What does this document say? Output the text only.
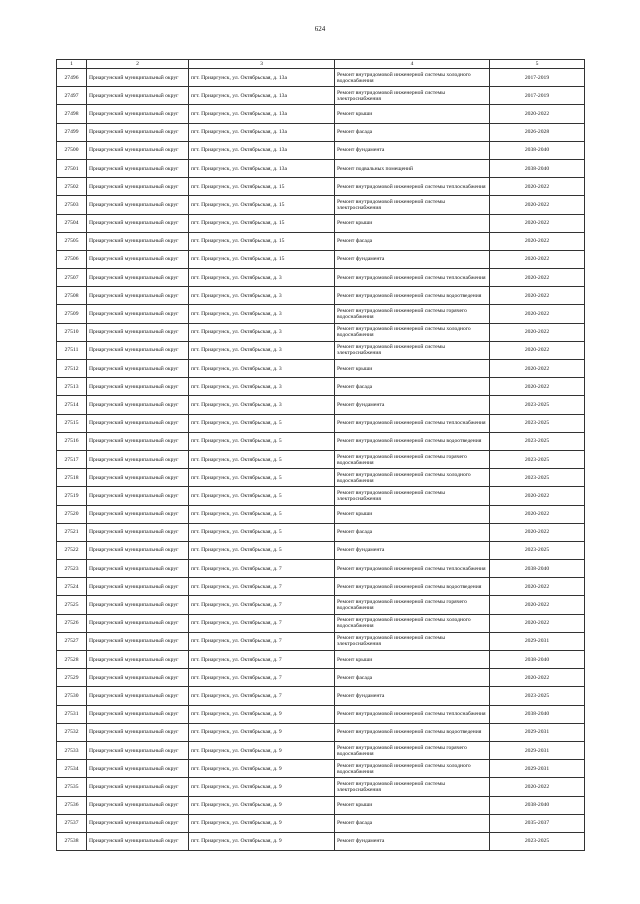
624
1	2	3	4	5
27496	Приаргунский муниципальный округ	пгт. Приаргунск, ул. Октябрьская, д. 13а	Ремонт внутридомовой инженерной системы холодного водоснабжения	2017-2019
27497	Приаргунский муниципальный округ	пгт. Приаргунск, ул. Октябрьская, д. 13а	Ремонт внутридомовой инженерной системы электроснабжения	2017-2019
27498	Приаргунский муниципальный округ	пгт. Приаргунск, ул. Октябрьская, д. 13а	Ремонт крыши	2020-2022
27499	Приаргунский муниципальный округ	пгт. Приаргунск, ул. Октябрьская, д. 13а	Ремонт фасада	2026-2028
27500	Приаргунский муниципальный округ	пгт. Приаргунск, ул. Октябрьская, д. 13а	Ремонт фундамента	2038-2040
27501	Приаргунский муниципальный округ	пгт. Приаргунск, ул. Октябрьская, д. 13а	Ремонт подвальных помещений	2038-2040
27502	Приаргунский муниципальный округ	пгт. Приаргунск, ул. Октябрьская, д. 15	Ремонт внутридомовой инженерной системы теплоснабжения	2020-2022
27503	Приаргунский муниципальный округ	пгт. Приаргунск, ул. Октябрьская, д. 15	Ремонт внутридомовой инженерной системы электроснабжения	2020-2022
27504	Приаргунский муниципальный округ	пгт. Приаргунск, ул. Октябрьская, д. 15	Ремонт крыши	2020-2022
27505	Приаргунский муниципальный округ	пгт. Приаргунск, ул. Октябрьская, д. 15	Ремонт фасада	2020-2022
27506	Приаргунский муниципальный округ	пгт. Приаргунск, ул. Октябрьская, д. 15	Ремонт фундамента	2020-2022
27507	Приаргунский муниципальный округ	пгт. Приаргунск, ул. Октябрьская, д. 3	Ремонт внутридомовой инженерной системы теплоснабжения	2020-2022
27508	Приаргунский муниципальный округ	пгт. Приаргунск, ул. Октябрьская, д. 3	Ремонт внутридомовой инженерной системы водоотведения	2020-2022
27509	Приаргунский муниципальный округ	пгт. Приаргунск, ул. Октябрьская, д. 3	Ремонт внутридомовой инженерной системы горячего водоснабжения	2020-2022
27510	Приаргунский муниципальный округ	пгт. Приаргунск, ул. Октябрьская, д. 3	Ремонт внутридомовой инженерной системы холодного водоснабжения	2020-2022
27511	Приаргунский муниципальный округ	пгт. Приаргунск, ул. Октябрьская, д. 3	Ремонт внутридомовой инженерной системы электроснабжения	2020-2022
27512	Приаргунский муниципальный округ	пгт. Приаргунск, ул. Октябрьская, д. 3	Ремонт крыши	2020-2022
27513	Приаргунский муниципальный округ	пгт. Приаргунск, ул. Октябрьская, д. 3	Ремонт фасада	2020-2022
27514	Приаргунский муниципальный округ	пгт. Приаргунск, ул. Октябрьская, д. 3	Ремонт фундамента	2023-2025
27515	Приаргунский муниципальный округ	пгт. Приаргунск, ул. Октябрьская, д. 5	Ремонт внутридомовой инженерной системы теплоснабжения	2023-2025
27516	Приаргунский муниципальный округ	пгт. Приаргунск, ул. Октябрьская, д. 5	Ремонт внутридомовой инженерной системы водоотведения	2023-2025
27517	Приаргунский муниципальный округ	пгт. Приаргунск, ул. Октябрьская, д. 5	Ремонт внутридомовой инженерной системы горячего водоснабжения	2023-2025
27518	Приаргунский муниципальный округ	пгт. Приаргунск, ул. Октябрьская, д. 5	Ремонт внутридомовой инженерной системы холодного водоснабжения	2023-2025
27519	Приаргунский муниципальный округ	пгт. Приаргунск, ул. Октябрьская, д. 5	Ремонт внутридомовой инженерной системы электроснабжения	2020-2022
27520	Приаргунский муниципальный округ	пгт. Приаргунск, ул. Октябрьская, д. 5	Ремонт крыши	2020-2022
27521	Приаргунский муниципальный округ	пгт. Приаргунск, ул. Октябрьская, д. 5	Ремонт фасада	2020-2022
27522	Приаргунский муниципальный округ	пгт. Приаргунск, ул. Октябрьская, д. 5	Ремонт фундамента	2023-2025
27523	Приаргунский муниципальный округ	пгт. Приаргунск, ул. Октябрьская, д. 7	Ремонт внутридомовой инженерной системы теплоснабжения	2038-2040
27524	Приаргунский муниципальный округ	пгт. Приаргунск, ул. Октябрьская, д. 7	Ремонт внутридомовой инженерной системы водоотведения	2020-2022
27525	Приаргунский муниципальный округ	пгт. Приаргунск, ул. Октябрьская, д. 7	Ремонт внутридомовой инженерной системы горячего водоснабжения	2020-2022
27526	Приаргунский муниципальный округ	пгт. Приаргунск, ул. Октябрьская, д. 7	Ремонт внутридомовой инженерной системы холодного водоснабжения	2020-2022
27527	Приаргунский муниципальный округ	пгт. Приаргунск, ул. Октябрьская, д. 7	Ремонт внутридомовой инженерной системы электроснабжения	2029-2031
27528	Приаргунский муниципальный округ	пгт. Приаргунск, ул. Октябрьская, д. 7	Ремонт крыши	2038-2040
27529	Приаргунский муниципальный округ	пгт. Приаргунск, ул. Октябрьская, д. 7	Ремонт фасада	2020-2022
27530	Приаргунский муниципальный округ	пгт. Приаргунск, ул. Октябрьская, д. 7	Ремонт фундамента	2023-2025
27531	Приаргунский муниципальный округ	пгт. Приаргунск, ул. Октябрьская, д. 9	Ремонт внутридомовой инженерной системы теплоснабжения	2038-2040
27532	Приаргунский муниципальный округ	пгт. Приаргунск, ул. Октябрьская, д. 9	Ремонт внутридомовой инженерной системы водоотведения	2029-2031
27533	Приаргунский муниципальный округ	пгт. Приаргунск, ул. Октябрьская, д. 9	Ремонт внутридомовой инженерной системы горячего водоснабжения	2029-2031
27534	Приаргунский муниципальный округ	пгт. Приаргунск, ул. Октябрьская, д. 9	Ремонт внутридомовой инженерной системы холодного водоснабжения	2029-2031
27535	Приаргунский муниципальный округ	пгт. Приаргунск, ул. Октябрьская, д. 9	Ремонт внутридомовой инженерной системы электроснабжения	2020-2022
27536	Приаргунский муниципальный округ	пгт. Приаргунск, ул. Октябрьская, д. 9	Ремонт крыши	2038-2040
27537	Приаргунский муниципальный округ	пгт. Приаргунск, ул. Октябрьская, д. 9	Ремонт фасада	2035-2037
27538	Приаргунский муниципальный округ	пгт. Приаргунск, ул. Октябрьская, д. 9	Ремонт фундамента	2023-2025
